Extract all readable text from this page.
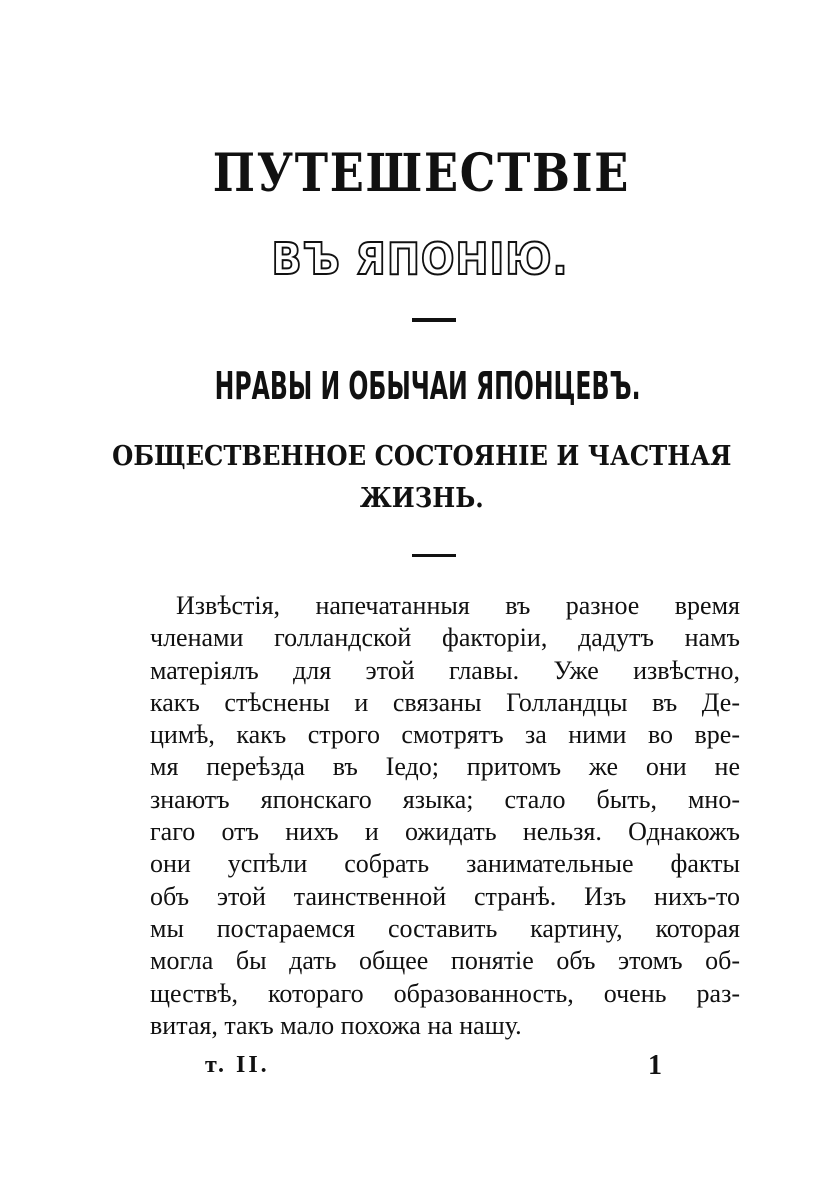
ПУТЕШЕСТВІЕ
ВЪ ЯПОНІЮ.
НРАВЫ И ОБЫЧАИ ЯПОНЦЕВЪ.
ОБЩЕСТВЕННОЕ СОСТОЯНІЕ И ЧАСТНАЯ
ЖИЗНЬ.
Извѣстія, напечатанныя въ разное время
членами голландской факторіи, дадутъ намъ
матеріялъ для этой главы. Уже извѣстно,
какъ стѣснены и связаны Голландцы въ Де-
цимѣ, какъ строго смотрятъ за ними во вре-
мя переѣзда въ Іедо; притомъ же они не
знаютъ японскаго языка; стало быть, мно-
гаго отъ нихъ и ожидать нельзя. Однакожъ
они успѣли собрать занимательные факты
объ этой таинственной странѣ. Изъ нихъ-то
мы постараемся составить картину, которая
могла бы дать общее понятіе объ этомъ об-
ществѣ, котораго образованность, очень раз-
витая, такъ мало похожа на нашу.
т. II.	1
